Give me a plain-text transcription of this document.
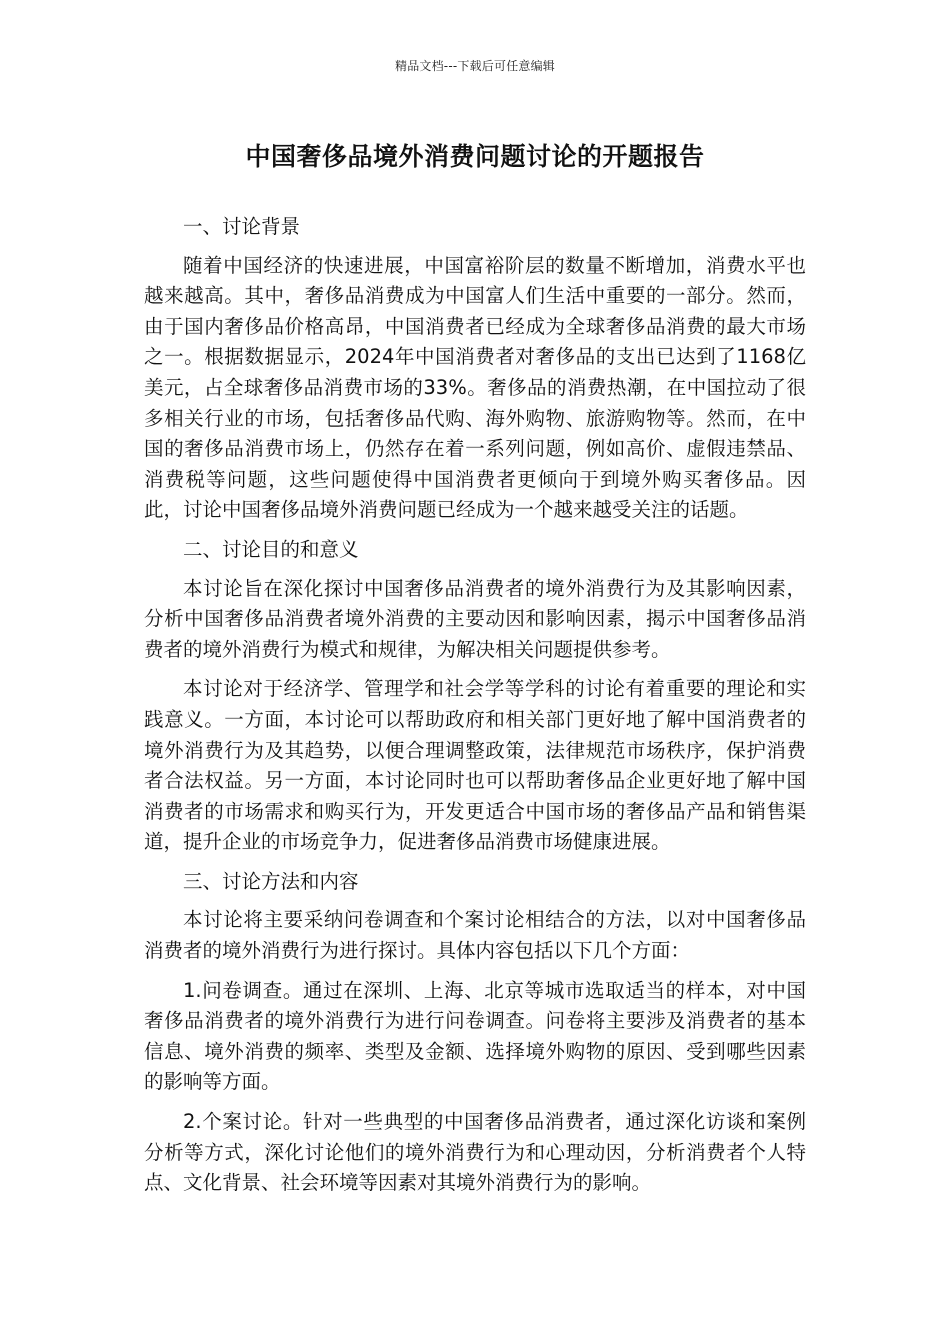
精品文档---下载后可任意编辑
中国奢侈品境外消费问题讨论的开题报告

一、讨论背景

随着中国经济的快速进展，中国富裕阶层的数量不断增加，消费水平也越来越高。其中，奢侈品消费成为中国富人们生活中重要的一部分。然而，由于国内奢侈品价格高昂，中国消费者已经成为全球奢侈品消费的最大市场之一。根据数据显示，2024年中国消费者对奢侈品的支出已达到了1168亿美元，占全球奢侈品消费市场的33%。奢侈品的消费热潮，在中国拉动了很多相关行业的市场，包括奢侈品代购、海外购物、旅游购物等。然而，在中国的奢侈品消费市场上，仍然存在着一系列问题，例如高价、虚假违禁品、消费税等问题，这些问题使得中国消费者更倾向于到境外购买奢侈品。因此，讨论中国奢侈品境外消费问题已经成为一个越来越受关注的话题。

二、讨论目的和意义

本讨论旨在深化探讨中国奢侈品消费者的境外消费行为及其影响因素，分析中国奢侈品消费者境外消费的主要动因和影响因素，揭示中国奢侈品消费者的境外消费行为模式和规律，为解决相关问题提供参考。

本讨论对于经济学、管理学和社会学等学科的讨论有着重要的理论和实践意义。一方面，本讨论可以帮助政府和相关部门更好地了解中国消费者的境外消费行为及其趋势，以便合理调整政策，法律规范市场秩序，保护消费者合法权益。另一方面，本讨论同时也可以帮助奢侈品企业更好地了解中国消费者的市场需求和购买行为，开发更适合中国市场的奢侈品产品和销售渠道，提升企业的市场竞争力，促进奢侈品消费市场健康进展。

三、讨论方法和内容

本讨论将主要采纳问卷调查和个案讨论相结合的方法，以对中国奢侈品消费者的境外消费行为进行探讨。具体内容包括以下几个方面：

1.问卷调查。通过在深圳、上海、北京等城市选取适当的样本，对中国奢侈品消费者的境外消费行为进行问卷调查。问卷将主要涉及消费者的基本信息、境外消费的频率、类型及金额、选择境外购物的原因、受到哪些因素的影响等方面。

2.个案讨论。针对一些典型的中国奢侈品消费者，通过深化访谈和案例分析等方式，深化讨论他们的境外消费行为和心理动因，分析消费者个人特点、文化背景、社会环境等因素对其境外消费行为的影响。
